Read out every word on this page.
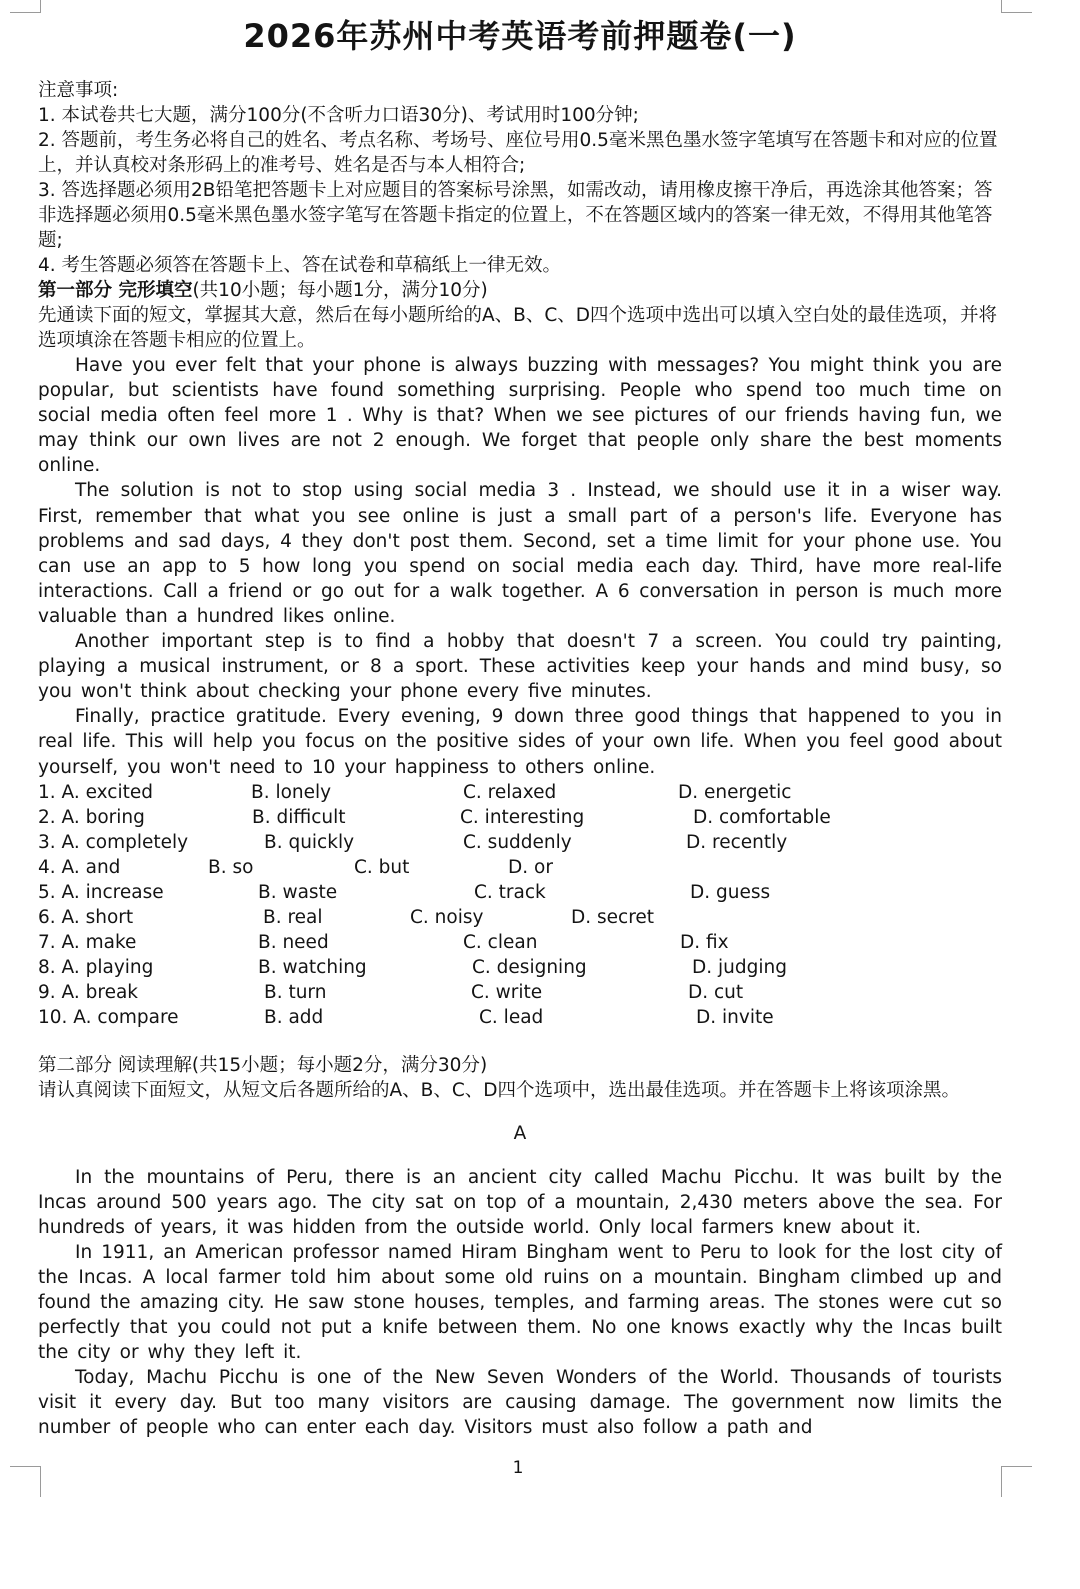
2026年苏州中考英语考前押题卷(一)

注意事项:

1. 本试卷共七大题，满分100分(不含听力口语30分)、考试用时100分钟;

2. 答题前，考生务必将自己的姓名、考点名称、考场号、座位号用0.5毫米黑色墨水签字笔填写在答题卡和对应的位置上，并认真校对条形码上的准考号、姓名是否与本人相符合;

3. 答选择题必须用2B铅笔把答题卡上对应题目的答案标号涂黑，如需改动，请用橡皮擦干净后，再选涂其他答案；答非选择题必须用0.5毫米黑色墨水签字笔写在答题卡指定的位置上，不在答题区域内的答案一律无效，不得用其他笔答题;

4. 考生答题必须答在答题卡上、答在试卷和草稿纸上一律无效。

第一部分 完形填空(共10小题；每小题1分，满分10分)

先通读下面的短文，掌握其大意，然后在每小题所给的A、B、C、D四个选项中选出可以填入空白处的最佳选项，并将选项填涂在答题卡相应的位置上。

Have you ever felt that your phone is always buzzing with messages? You might think you are popular, but scientists have found something surprising. People who spend too much time on social media often feel more 1 . Why is that? When we see pictures of our friends having fun, we may think our own lives are not 2 enough. We forget that people only share the best moments online.

The solution is not to stop using social media 3 . Instead, we should use it in a wiser way. First, remember that what you see online is just a small part of a person's life. Everyone has problems and sad days, 4 they don't post them. Second, set a time limit for your phone use. You can use an app to 5 how long you spend on social media each day. Third, have more real-life interactions. Call a friend or go out for a walk together. A 6 conversation in person is much more valuable than a hundred likes online.

Another important step is to find a hobby that doesn't 7 a screen. You could try painting, playing a musical instrument, or 8 a sport. These activities keep your hands and mind busy, so you won't think about checking your phone every five minutes.

Finally, practice gratitude. Every evening, 9 down three good things that happened to you in real life. This will help you focus on the positive sides of your own life. When you feel good about yourself, you won't need to 10 your happiness to others online.

1. A. excited	B. lonely	C. relaxed	D. energetic
2. A. boring	B. difficult	C. interesting	D. comfortable
3. A. completely	B. quickly	C. suddenly	D. recently
4. A. and	B. so	C. but	D. or
5. A. increase	B. waste	C. track	D. guess
6. A. short	B. real	C. noisy	D. secret
7. A. make	B. need	C. clean	D. fix
8. A. playing	B. watching	C. designing	D. judging
9. A. break	B. turn	C. write	D. cut
10. A. compare	B. add	C. lead	D. invite

第二部分 阅读理解(共15小题；每小题2分，满分30分)

请认真阅读下面短文，从短文后各题所给的A、B、C、D四个选项中，选出最佳选项。并在答题卡上将该项涂黑。

A

In the mountains of Peru, there is an ancient city called Machu Picchu. It was built by the Incas around 500 years ago. The city sat on top of a mountain, 2,430 meters above the sea. For hundreds of years, it was hidden from the outside world. Only local farmers knew about it.

In 1911, an American professor named Hiram Bingham went to Peru to look for the lost city of the Incas. A local farmer told him about some old ruins on a mountain. Bingham climbed up and found the amazing city. He saw stone houses, temples, and farming areas. The stones were cut so perfectly that you could not put a knife between them. No one knows exactly why the Incas built the city or why they left it.

Today, Machu Picchu is one of the New Seven Wonders of the World. Thousands of tourists visit it every day. But too many visitors are causing damage. The government now limits the number of people who can enter each day. Visitors must also follow a path and

1
